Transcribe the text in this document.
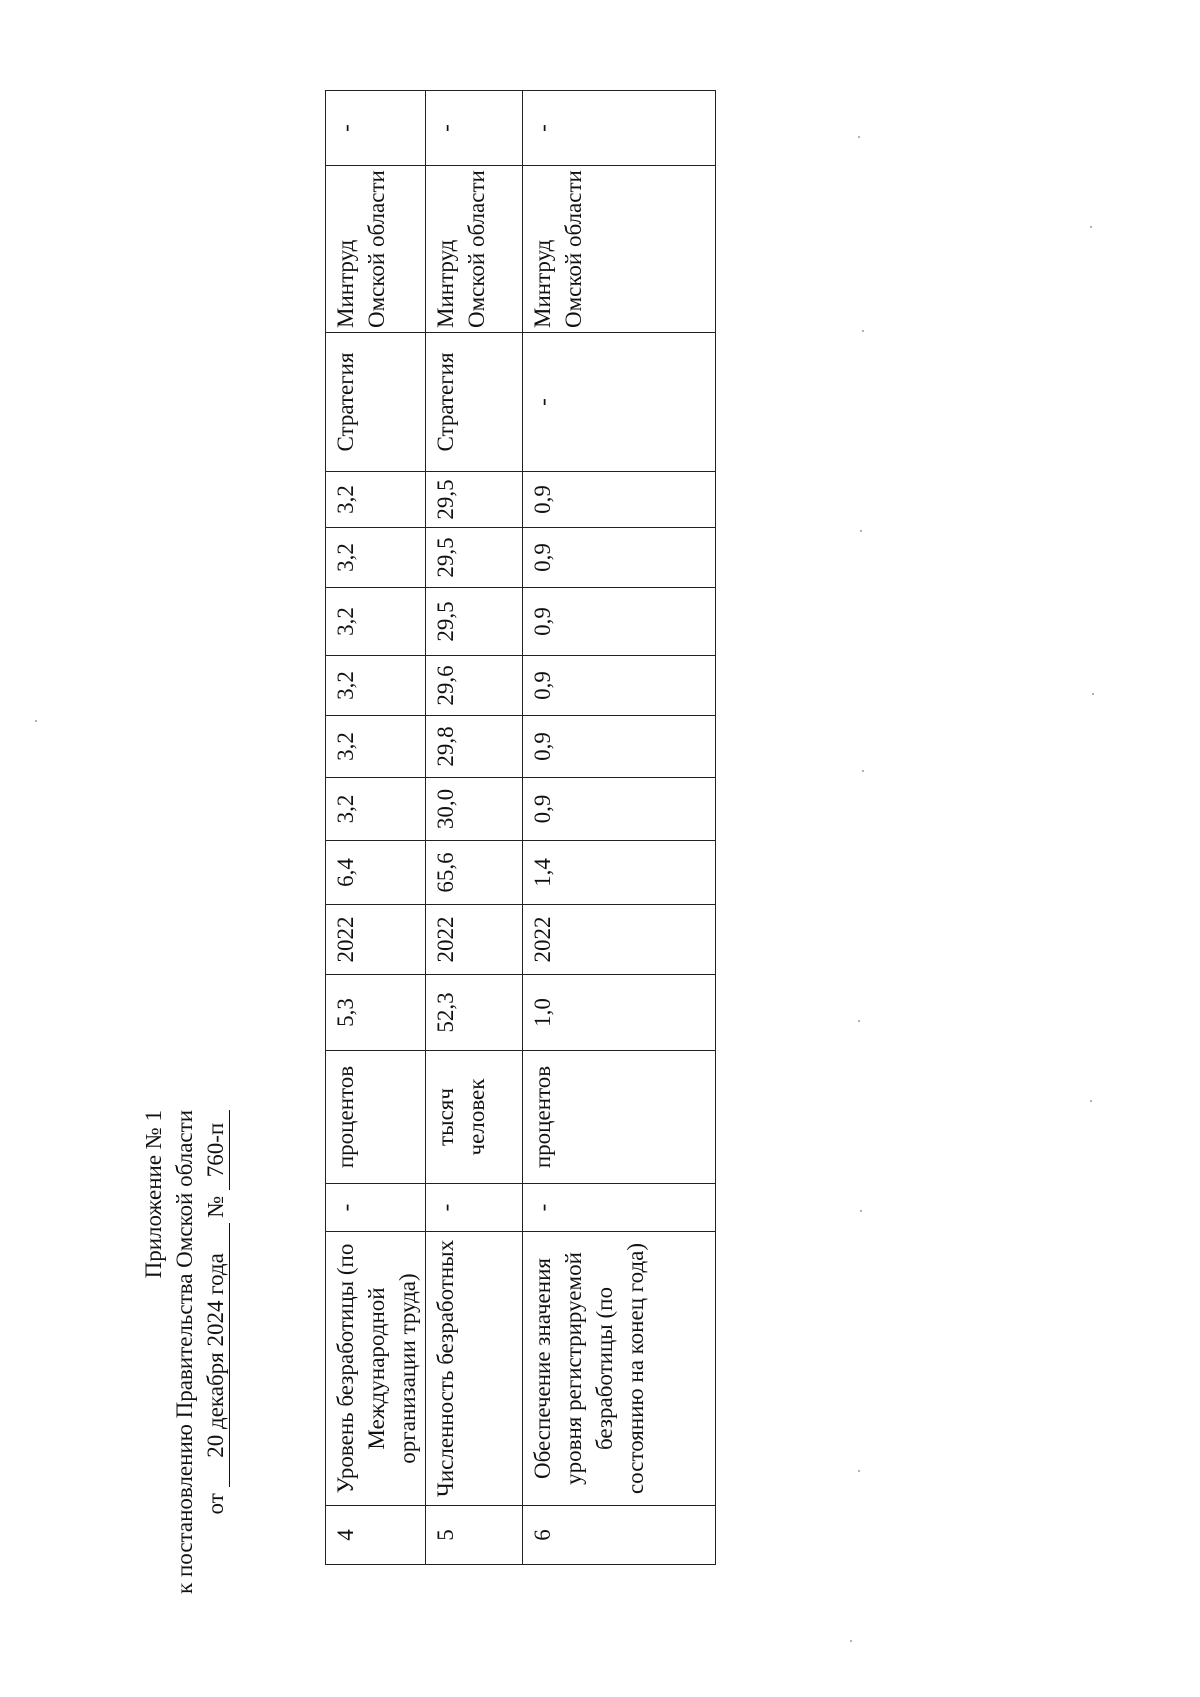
Приложение № 1 к постановлению Правительства Омской области от 20 декабря 2024 года № 760-п
4	Уровень безработицы (по Международной организации труда)	-	процентов	5,3	2022	6,4	3,2	3,2	3,2	3,2	3,2	3,2	Стратегия	Минтруд Омской области	-
5	Численность безработных	-	тысяч человек	52,3	2022	65,6	30,0	29,8	29,6	29,5	29,5	29,5	Стратегия	Минтруд Омской области	-
6	Обеспечение значения уровня регистрируемой безработицы (по состоянию на конец года)	-	процентов	1,0	2022	1,4	0,9	0,9	0,9	0,9	0,9	0,9	-	Минтруд Омской области	-
